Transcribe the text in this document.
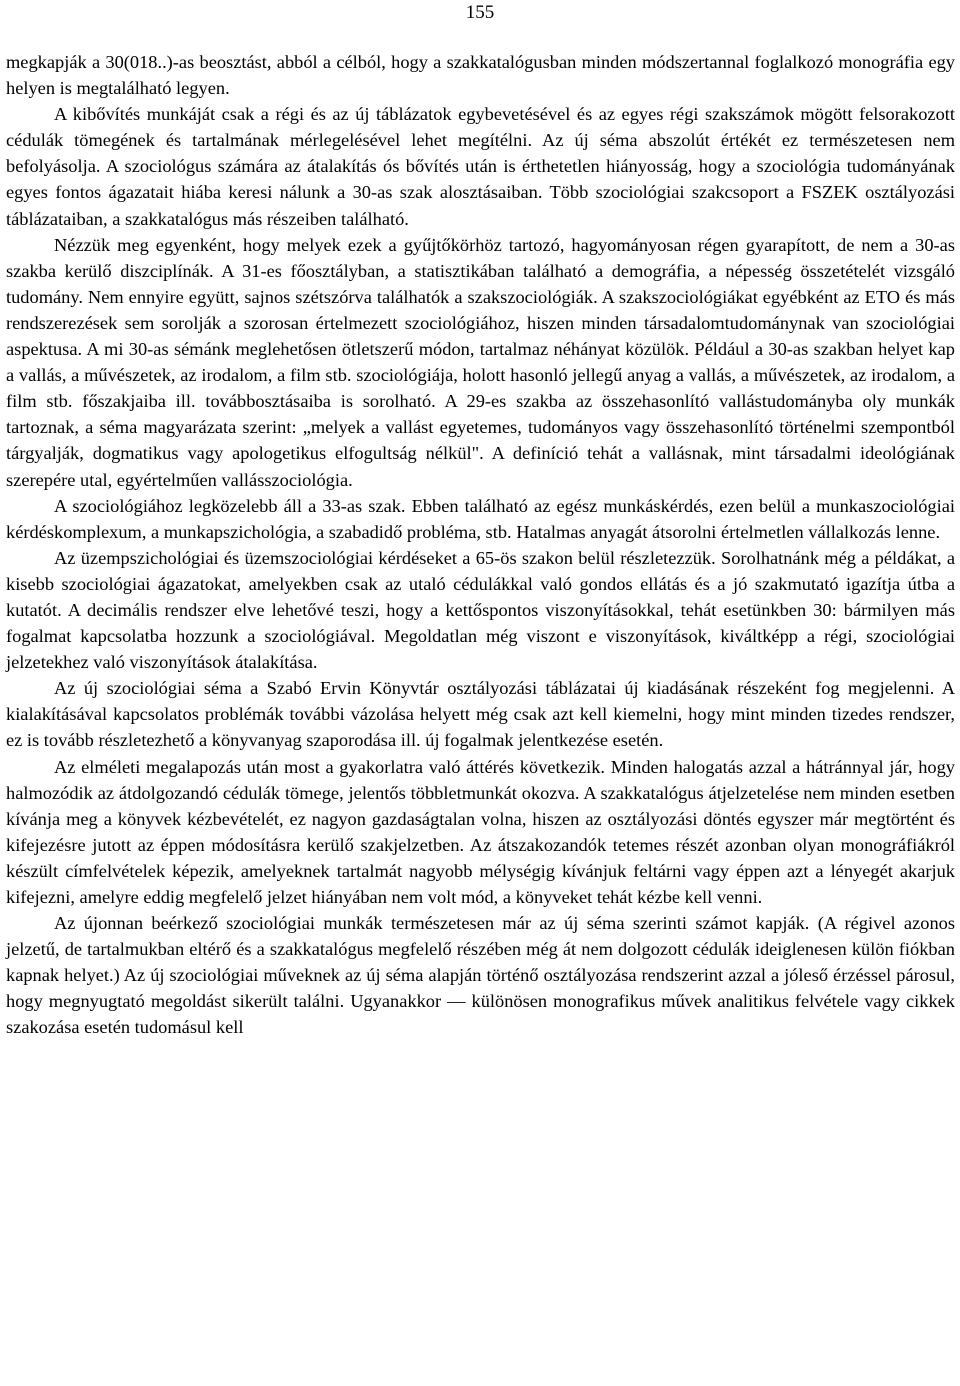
155

megkapják a 30(018..)-as beosztást, abból a célból, hogy a szakkatalógusban minden módszertannal foglalkozó monográfia egy helyen is megtalálható legyen.

A kibővítés munkáját csak a régi és az új táblázatok egybevetésével és az egyes régi szakszámok mögött felsorakozott cédulák tömegének és tartalmának mérlegelésével lehet megítélni. Az új séma abszolút értékét ez természetesen nem befolyásolja. A szociológus számára az átalakítás ós bővítés után is érthetetlen hiányosság, hogy a szociológia tudományának egyes fontos ágazatait hiába keresi nálunk a 30-as szak alosztásaiban. Több szociológiai szakcsoport a FSZEK osztályozási táblázataiban, a szakkatalógus más részeiben található.

Nézzük meg egyenként, hogy melyek ezek a gyűjtőkörhöz tartozó, hagyományosan régen gyarapított, de nem a 30-as szakba kerülő diszciplínák. A 31-es főosztályban, a statisztikában található a demográfia, a népesség összetételét vizsgáló tudomány. Nem ennyire együtt, sajnos szétszórva találhatók a szakszociológiák. A szakszociológiákat egyébként az ETO és más rendszerezések sem sorolják a szorosan értelmezett szociológiához, hiszen minden társadalomtudománynak van szociológiai aspektusa. A mi 30-as sémánk meglehetősen ötletszerű módon, tartalmaz néhányat közülök. Például a 30-as szakban helyet kap a vallás, a művészetek, az irodalom, a film stb. szociológiája, holott hasonló jellegű anyag a vallás, a művészetek, az irodalom, a film stb. főszakjaiba ill. továbbosztásaiba is sorolható. A 29-es szakba az összehasonlító vallástudományba oly munkák tartoznak, a séma magyarázata szerint: „melyek a vallást egyetemes, tudományos vagy összehasonlító történelmi szempontból tárgyalják, dogmatikus vagy apologetikus elfogultság nélkül". A definíció tehát a vallásnak, mint társadalmi ideológiának szerepére utal, egyértelműen vallásszociológia.

A szociológiához legközelebb áll a 33-as szak. Ebben található az egész munkáskérdés, ezen belül a munkaszociológiai kérdéskomplexum, a munkapszichológia, a szabadidő probléma, stb. Hatalmas anyagát átsorolni értelmetlen vállalkozás lenne.

Az üzempszichológiai és üzemszociológiai kérdéseket a 65-ös szakon belül részletezzük. Sorolhatnánk még a példákat, a kisebb szociológiai ágazatokat, amelyekben csak az utaló cédulákkal való gondos ellátás és a jó szakmutató igazítja útba a kutatót. A decimális rendszer elve lehetővé teszi, hogy a kettőspontos viszonyításokkal, tehát esetünkben 30: bármilyen más fogalmat kapcsolatba hozzunk a szociológiával. Megoldatlan még viszont e viszonyítások, kiváltképp a régi, szociológiai jelzetekhez való viszonyítások átalakítása.

Az új szociológiai séma a Szabó Ervin Könyvtár osztályozási táblázatai új kiadásának részeként fog megjelenni. A kialakításával kapcsolatos problémák további vázolása helyett még csak azt kell kiemelni, hogy mint minden tizedes rendszer, ez is tovább részletezhető a könyvanyag szaporodása ill. új fogalmak jelentkezése esetén.

Az elméleti megalapozás után most a gyakorlatra való áttérés következik. Minden halogatás azzal a hátránnyal jár, hogy halmozódik az átdolgozandó cédulák tömege, jelentős többletmunkát okozva. A szakkatalógus átjelzetelése nem minden esetben kívánja meg a könyvek kézbevételét, ez nagyon gazdaságtalan volna, hiszen az osztályozási döntés egyszer már megtörtént és kifejezésre jutott az éppen módosításra kerülő szakjelzetben. Az átszakozandók tetemes részét azonban olyan monográfiákról készült címfelvételek képezik, amelyeknek tartalmát nagyobb mélységig kívánjuk feltárni vagy éppen azt a lényegét akarjuk kifejezni, amelyre eddig megfelelő jelzet hiányában nem volt mód, a könyveket tehát kézbe kell venni.

Az újonnan beérkező szociológiai munkák természetesen már az új séma szerinti számot kapják. (A régivel azonos jelzetű, de tartalmukban eltérő és a szakkatalógus megfelelő részében még át nem dolgozott cédulák ideiglenesen külön fiókban kapnak helyet.) Az új szociológiai műveknek az új séma alapján történő osztályozása rendszerint azzal a jóleső érzéssel párosul, hogy megnyugtató megoldást sikerült találni. Ugyanakkor — különösen monografikus művek analitikus felvétele vagy cikkek szakozása esetén tudomásul kell
